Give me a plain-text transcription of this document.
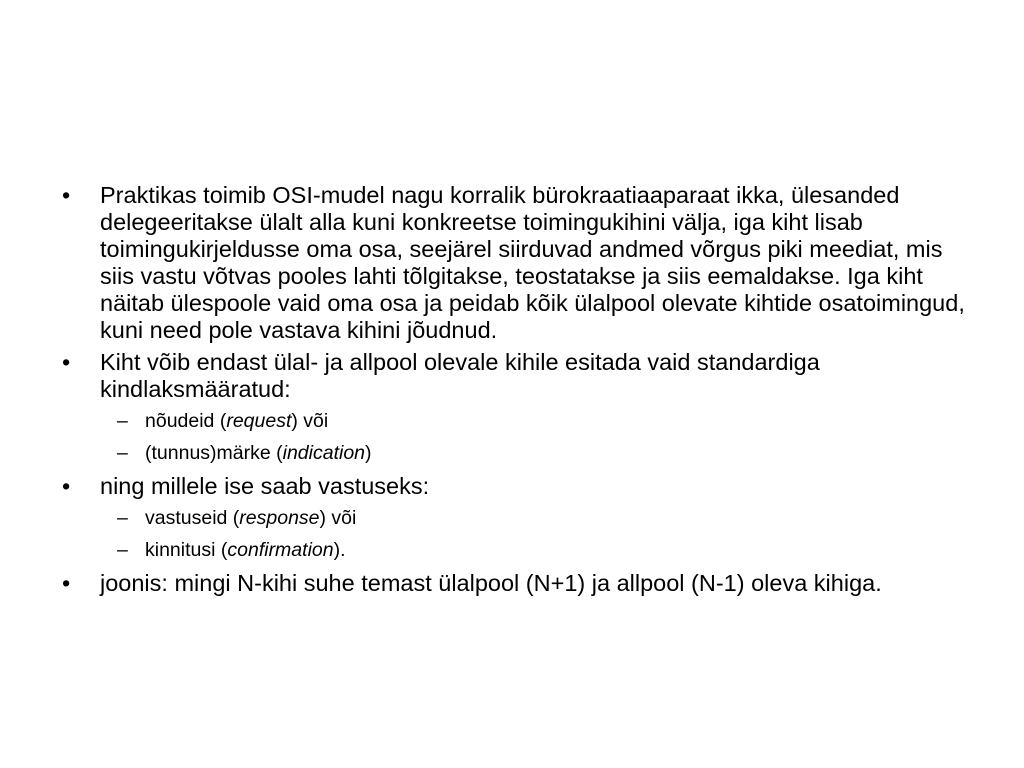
•	Praktikas toimib OSI-mudel nagu korralik bürokraatiaaparaat ikka, ülesanded delegeeritakse ülalt alla kuni konkreetse toimingukihini välja, iga kiht lisab toimingukirjeldusse oma osa, seejärel siirduvad andmed võrgus piki meediat, mis siis vastu võtvas pooles lahti tõlgitakse, teostatakse ja siis eemaldakse. Iga kiht näitab ülespoole vaid oma osa ja peidab kõik ülalpool olevate kihtide osatoimingud, kuni need pole vastava kihini jõudnud.
•	Kiht võib endast ülal- ja allpool olevale kihile esitada vaid standardiga kindlaksmääratud:
– nõudeid (request) või
– (tunnus)märke (indication)
•	ning millele ise saab vastuseks:
– vastuseid (response) või
– kinnitusi (confirmation).
•	joonis: mingi N-kihi suhe temast ülalpool (N+1) ja allpool (N-1) oleva kihiga.
